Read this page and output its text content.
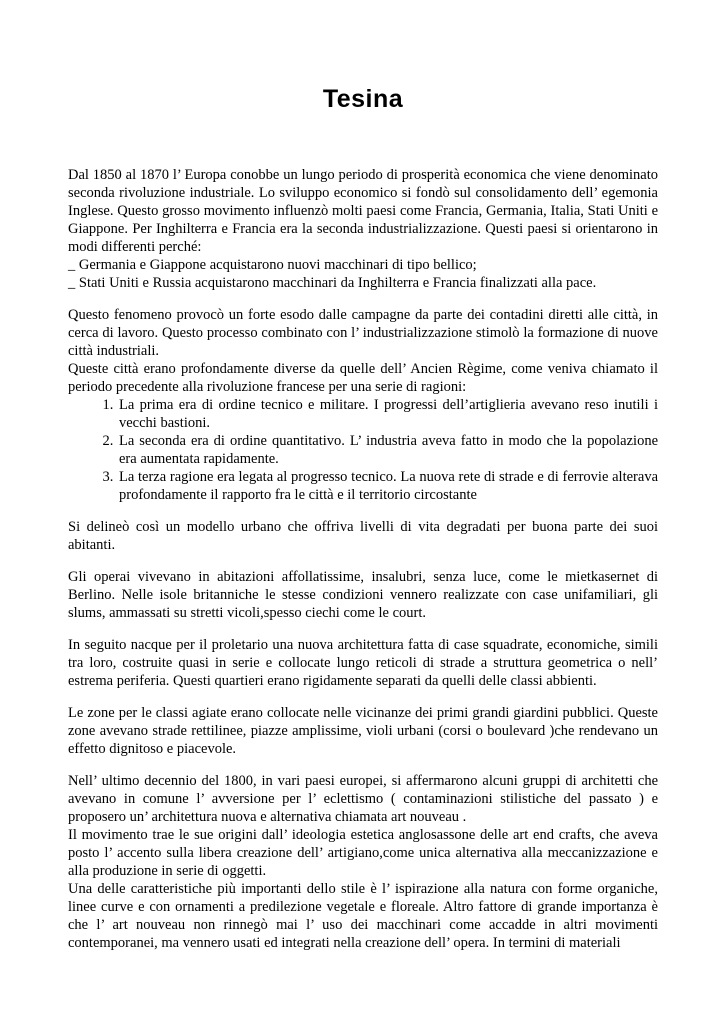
Tesina

Dal 1850 al 1870 l’ Europa conobbe un lungo periodo di prosperità economica che viene denominato seconda rivoluzione industriale. Lo sviluppo economico si fondò sul consolidamento dell’ egemonia Inglese. Questo grosso movimento influenzò molti paesi come Francia, Germania, Italia, Stati Uniti e Giappone. Per Inghilterra e Francia era la seconda industrializzazione. Questi paesi si orientarono in modi differenti perché:

_ Germania e Giappone acquistarono nuovi macchinari di tipo bellico;

_ Stati Uniti e Russia acquistarono macchinari da Inghilterra e Francia finalizzati alla pace.

Questo fenomeno provocò un forte esodo dalle campagne da parte dei contadini diretti alle città, in cerca di lavoro. Questo processo combinato con l’ industrializzazione stimolò la formazione di nuove città industriali.

Queste città erano profondamente diverse da quelle dell’ Ancien Règime, come veniva chiamato il periodo precedente alla rivoluzione francese per una serie di ragioni:

1. La prima era di ordine tecnico e militare. I progressi dell’artiglieria avevano reso inutili i vecchi bastioni.
2. La seconda era di ordine quantitativo. L’ industria aveva fatto in modo che la popolazione era aumentata rapidamente.
3. La terza ragione era legata al progresso tecnico. La nuova rete di strade e di ferrovie alterava profondamente il rapporto fra le città e il territorio circostante

Si delineò così un modello urbano che offriva livelli di vita degradati per buona parte dei suoi abitanti.

Gli operai vivevano in abitazioni affollatissime, insalubri, senza luce, come le mietkasernet di Berlino. Nelle isole britanniche le stesse condizioni vennero realizzate con case unifamiliari, gli slums, ammassati su stretti vicoli,spesso ciechi come le court.

In seguito nacque per il proletario una nuova architettura fatta di case squadrate, economiche, simili tra loro, costruite quasi in serie e collocate lungo reticoli di strade a struttura geometrica o nell’ estrema periferia. Questi quartieri erano rigidamente separati da quelli delle classi abbienti.

Le zone per le classi agiate erano collocate nelle vicinanze dei primi grandi giardini pubblici. Queste zone avevano strade rettilinee, piazze amplissime, violi urbani (corsi o boulevard )che rendevano un effetto dignitoso e piacevole.

Nell’ ultimo decennio del 1800, in vari paesi europei, si affermarono alcuni gruppi di architetti che avevano in comune l’ avversione per l’ eclettismo ( contaminazioni stilistiche del passato ) e proposero un’ architettura nuova e alternativa chiamata art nouveau .

Il movimento trae le sue origini dall’ ideologia estetica anglosassone delle art end crafts, che aveva posto l’ accento sulla libera creazione dell’ artigiano,come unica alternativa alla meccanizzazione e alla produzione in serie di oggetti.

Una delle caratteristiche più importanti dello stile è l’ ispirazione alla natura con forme organiche, linee curve e con ornamenti a predilezione vegetale e floreale. Altro fattore di grande importanza è che l’ art nouveau non rinnegò mai l’ uso dei macchinari come accadde in altri movimenti contemporanei, ma vennero usati ed integrati nella creazione dell’ opera. In termini di materiali
